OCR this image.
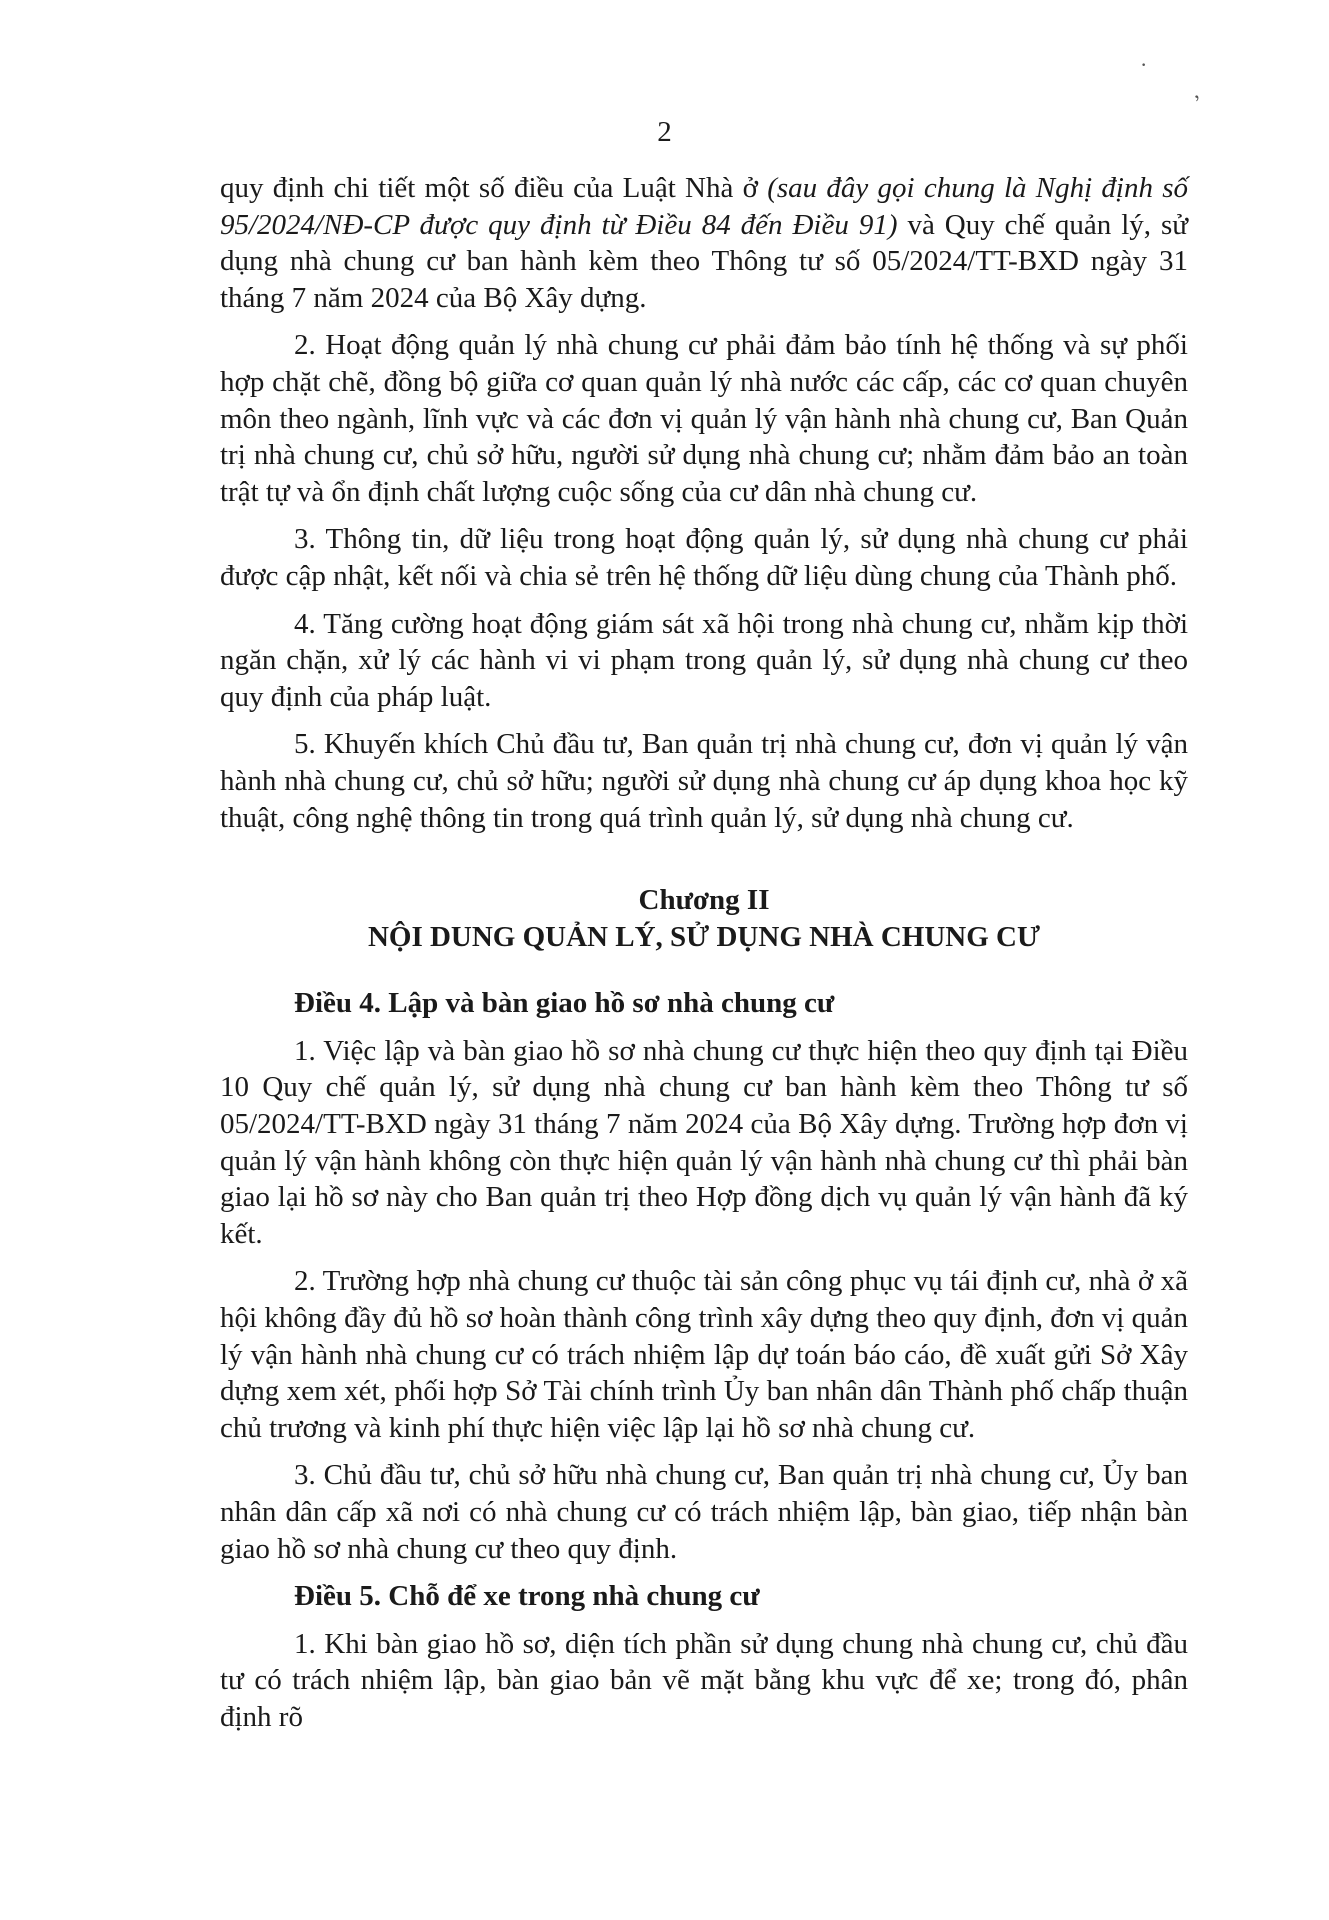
2
·
,

quy định chi tiết một số điều của Luật Nhà ở (sau đây gọi chung là Nghị định số 95/2024/NĐ-CP được quy định từ Điều 84 đến Điều 91) và Quy chế quản lý, sử dụng nhà chung cư ban hành kèm theo Thông tư số 05/2024/TT-BXD ngày 31 tháng 7 năm 2024 của Bộ Xây dựng.

2. Hoạt động quản lý nhà chung cư phải đảm bảo tính hệ thống và sự phối hợp chặt chẽ, đồng bộ giữa cơ quan quản lý nhà nước các cấp, các cơ quan chuyên môn theo ngành, lĩnh vực và các đơn vị quản lý vận hành nhà chung cư, Ban Quản trị nhà chung cư, chủ sở hữu, người sử dụng nhà chung cư; nhằm đảm bảo an toàn trật tự và ổn định chất lượng cuộc sống của cư dân nhà chung cư.

3. Thông tin, dữ liệu trong hoạt động quản lý, sử dụng nhà chung cư phải được cập nhật, kết nối và chia sẻ trên hệ thống dữ liệu dùng chung của Thành phố.

4. Tăng cường hoạt động giám sát xã hội trong nhà chung cư, nhằm kịp thời ngăn chặn, xử lý các hành vi vi phạm trong quản lý, sử dụng nhà chung cư theo quy định của pháp luật.

5. Khuyến khích Chủ đầu tư, Ban quản trị nhà chung cư, đơn vị quản lý vận hành nhà chung cư, chủ sở hữu; người sử dụng nhà chung cư áp dụng khoa học kỹ thuật, công nghệ thông tin trong quá trình quản lý, sử dụng nhà chung cư.

Chương II
NỘI DUNG QUẢN LÝ, SỬ DỤNG NHÀ CHUNG CƯ

Điều 4. Lập và bàn giao hồ sơ nhà chung cư

1. Việc lập và bàn giao hồ sơ nhà chung cư thực hiện theo quy định tại Điều 10 Quy chế quản lý, sử dụng nhà chung cư ban hành kèm theo Thông tư số 05/2024/TT-BXD ngày 31 tháng 7 năm 2024 của Bộ Xây dựng. Trường hợp đơn vị quản lý vận hành không còn thực hiện quản lý vận hành nhà chung cư thì phải bàn giao lại hồ sơ này cho Ban quản trị theo Hợp đồng dịch vụ quản lý vận hành đã ký kết.

2. Trường hợp nhà chung cư thuộc tài sản công phục vụ tái định cư, nhà ở xã hội không đầy đủ hồ sơ hoàn thành công trình xây dựng theo quy định, đơn vị quản lý vận hành nhà chung cư có trách nhiệm lập dự toán báo cáo, đề xuất gửi Sở Xây dựng xem xét, phối hợp Sở Tài chính trình Ủy ban nhân dân Thành phố chấp thuận chủ trương và kinh phí thực hiện việc lập lại hồ sơ nhà chung cư.

3. Chủ đầu tư, chủ sở hữu nhà chung cư, Ban quản trị nhà chung cư, Ủy ban nhân dân cấp xã nơi có nhà chung cư có trách nhiệm lập, bàn giao, tiếp nhận bàn giao hồ sơ nhà chung cư theo quy định.

Điều 5. Chỗ để xe trong nhà chung cư

1. Khi bàn giao hồ sơ, diện tích phần sử dụng chung nhà chung cư, chủ đầu tư có trách nhiệm lập, bàn giao bản vẽ mặt bằng khu vực để xe; trong đó, phân định rõ
